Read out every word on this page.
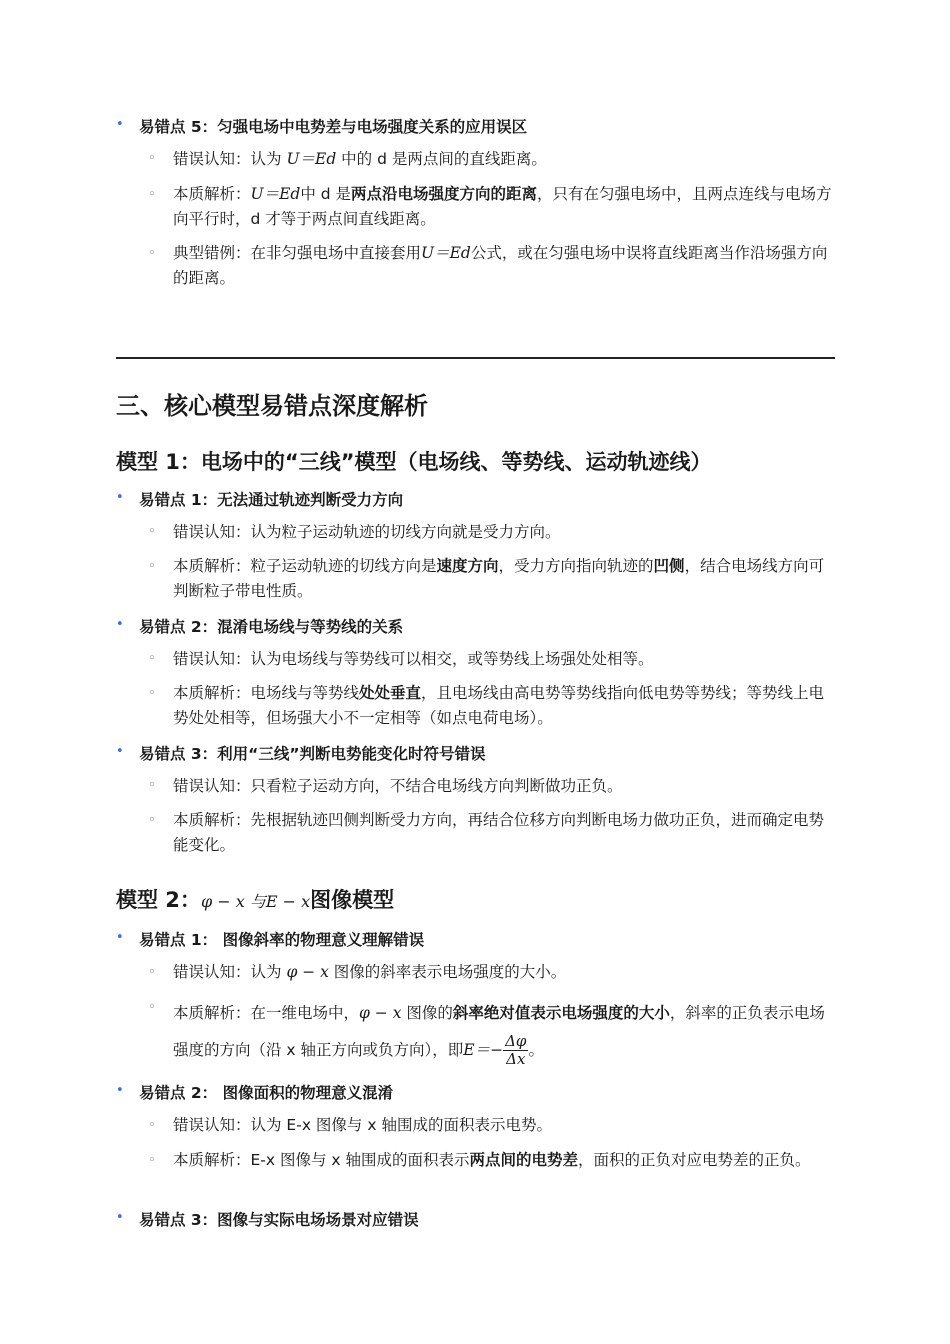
• 易错点 5：匀强电场中电势差与电场强度关系的应用误区
◦ 错误认知：认为 U＝Ed 中的 d 是两点间的直线距离。
◦ 本质解析：U＝Ed中 d 是两点沿电场强度方向的距离，只有在匀强电场中，且两点连线与电场方向平行时，d 才等于两点间直线距离。
◦ 典型错例：在非匀强电场中直接套用U＝Ed公式，或在匀强电场中误将直线距离当作沿场强方向的距离。
三、核心模型易错点深度解析
模型 1：电场中的“三线”模型（电场线、等势线、运动轨迹线）
• 易错点 1：无法通过轨迹判断受力方向
◦ 错误认知：认为粒子运动轨迹的切线方向就是受力方向。
◦ 本质解析：粒子运动轨迹的切线方向是速度方向，受力方向指向轨迹的凹侧，结合电场线方向可判断粒子带电性质。
• 易错点 2：混淆电场线与等势线的关系
◦ 错误认知：认为电场线与等势线可以相交，或等势线上场强处处相等。
◦ 本质解析：电场线与等势线处处垂直，且电场线由高电势等势线指向低电势等势线；等势线上电势处处相等，但场强大小不一定相等（如点电荷电场）。
• 易错点 3：利用“三线”判断电势能变化时符号错误
◦ 错误认知：只看粒子运动方向，不结合电场线方向判断做功正负。
◦ 本质解析：先根据轨迹凹侧判断受力方向，再结合位移方向判断电场力做功正负，进而确定电势能变化。
模型 2：φ − x 与E − x图像模型
• 易错点 1： 图像斜率的物理意义理解错误
◦ 错误认知：认为 φ − x 图像的斜率表示电场强度的大小。
◦ 本质解析：在一维电场中，φ − x 图像的斜率绝对值表示电场强度的大小，斜率的正负表示电场强度的方向（沿 x 轴正方向或负方向），即$E=- \frac{\Delta\varphi}{\Delta x}$ 。
• 易错点 2： 图像面积的物理意义混淆
◦ 错误认知：认为 E-x 图像与 x 轴围成的面积表示电势。
◦ 本质解析：E-x 图像与 x 轴围成的面积表示两点间的电势差，面积的正负对应电势差的正负。
• 易错点 3：图像与实际电场场景对应错误
